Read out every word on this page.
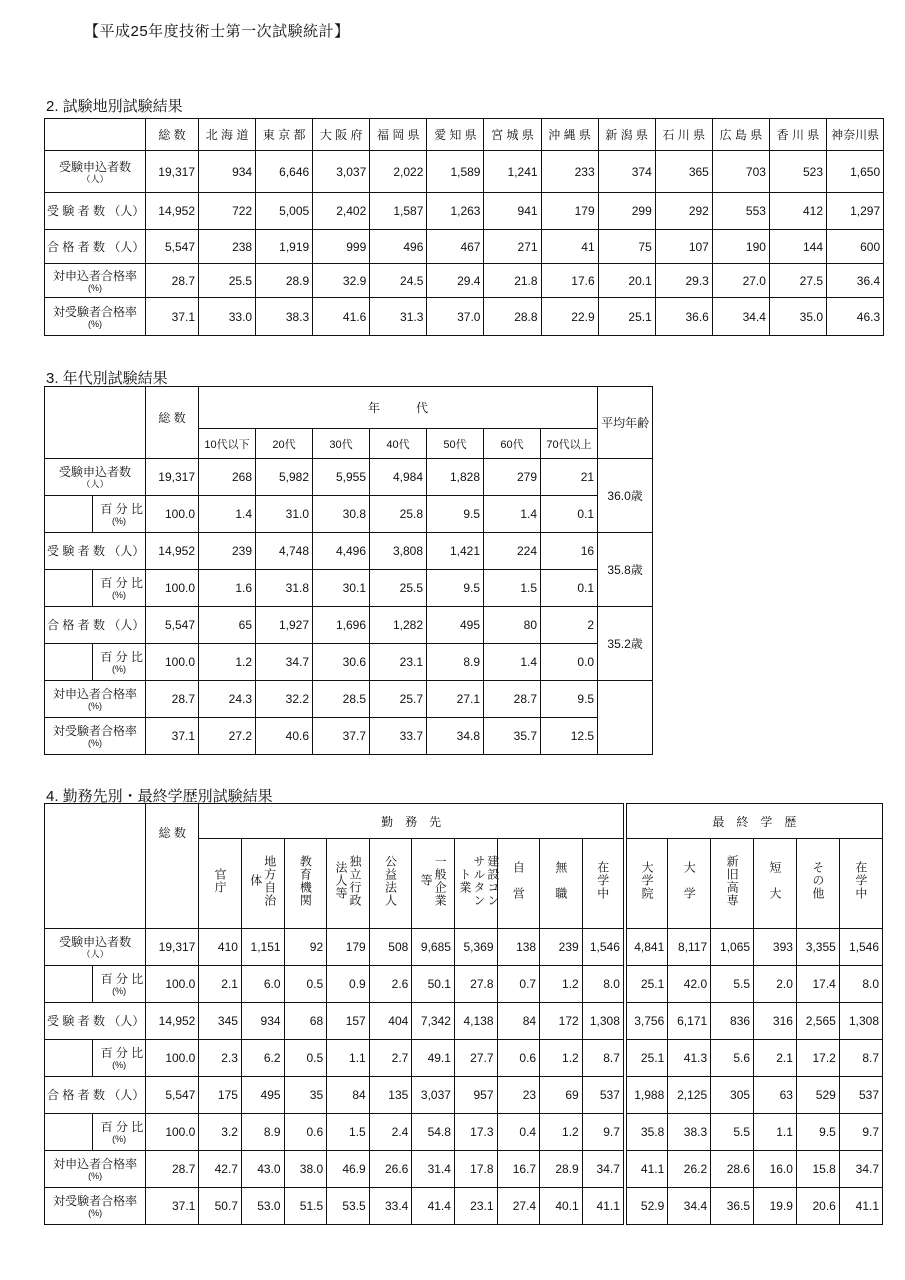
【平成25年度技術士第一次試験統計】
2. 試験地別試験結果
	総 数	北 海 道	東 京 都	大 阪 府	福 岡 県	愛 知 県	宮 城 県	沖 縄 県	新 潟 県	石 川 県	広 島 県	香 川 県	神奈川県
受験申込者数
（人）	19,317	934	6,646	3,037	2,022	1,589	1,241	233	374	365	703	523	1,650
受 験 者 数 （人）	14,952	722	5,005	2,402	1,587	1,263	941	179	299	292	553	412	1,297
合 格 者 数 （人）	5,547	238	1,919	999	496	467	271	41	75	107	190	144	600
対申込者合格率
(%)	28.7	25.5	28.9	32.9	24.5	29.4	21.8	17.6	20.1	29.3	27.0	27.5	36.4
対受験者合格率
(%)	37.1	33.0	38.3	41.6	31.3	37.0	28.8	22.9	25.1	36.6	34.4	35.0	46.3
3. 年代別試験結果
		総 数	年　　　代							平均年齢
			10代以下	20代	30代	40代	50代	60代	70代以上	
受験申込者数
（人）		19,317	268	5,982	5,955	4,984	1,828	279	21	36.0歳
	百 分 比
(%)	100.0	1.4	31.0	30.8	25.8	9.5	1.4	0.1	
受 験 者 数 （人）		14,952	239	4,748	4,496	3,808	1,421	224	16	35.8歳
	百 分 比
(%)	100.0	1.6	31.8	30.1	25.5	9.5	1.5	0.1	
合 格 者 数 （人）		5,547	65	1,927	1,696	1,282	495	80	2	35.2歳
	百 分 比
(%)	100.0	1.2	34.7	30.6	23.1	8.9	1.4	0.0	
対申込者合格率
(%)		28.7	24.3	32.2	28.5	25.7	27.1	28.7	9.5	
対受験者合格率
(%)		37.1	27.2	40.6	37.7	33.7	34.8	35.7	12.5	
4. 勤務先別・最終学歴別試験結果
		総 数	勤　務　先										最　終　学　歴					
			官庁	地方自治体	教育機関	独立行政法人等	公益法人	一般企業等	建設コンサルタント業	自　営	無　職	在学中	大学院	大　学	新旧高専	短　大	その他	在学中
受験申込者数
（人）		19,317	410	1,151	92	179	508	9,685	5,369	138	239	1,546	4,841	8,117	1,065	393	3,355	1,546
	百 分 比
(%)	100.0	2.1	6.0	0.5	0.9	2.6	50.1	27.8	0.7	1.2	8.0	25.1	42.0	5.5	2.0	17.4	8.0
受 験 者 数 （人）		14,952	345	934	68	157	404	7,342	4,138	84	172	1,308	3,756	6,171	836	316	2,565	1,308
	百 分 比
(%)	100.0	2.3	6.2	0.5	1.1	2.7	49.1	27.7	0.6	1.2	8.7	25.1	41.3	5.6	2.1	17.2	8.7
合 格 者 数 （人）		5,547	175	495	35	84	135	3,037	957	23	69	537	1,988	2,125	305	63	529	537
	百 分 比
(%)	100.0	3.2	8.9	0.6	1.5	2.4	54.8	17.3	0.4	1.2	9.7	35.8	38.3	5.5	1.1	9.5	9.7
対申込者合格率
(%)		28.7	42.7	43.0	38.0	46.9	26.6	31.4	17.8	16.7	28.9	34.7	41.1	26.2	28.6	16.0	15.8	34.7
対受験者合格率
(%)		37.1	50.7	53.0	51.5	53.5	33.4	41.4	23.1	27.4	40.1	41.1	52.9	34.4	36.5	19.9	20.6	41.1
